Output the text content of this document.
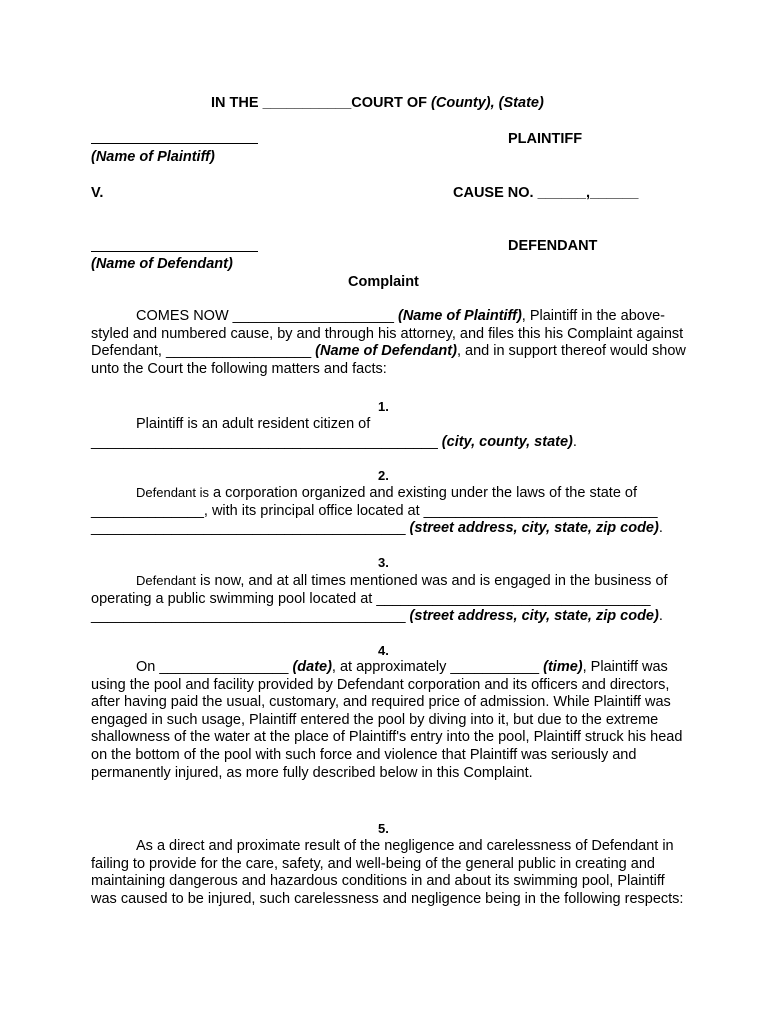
IN THE ___________COURT OF (County), (State)
PLAINTIFF
(Name of Plaintiff)
V.	CAUSE NO. ______,______
DEFENDANT
(Name of Defendant)
Complaint
COMES NOW ____________________ (Name of Plaintiff), Plaintiff in the above-styled and numbered cause, by and through his attorney, and files this his Complaint against Defendant, __________________ (Name of Defendant), and in support thereof would show unto the Court the following matters and facts:
1.
Plaintiff is an adult resident citizen of
___________________________________________ (city, county, state).
2.
Defendant is a corporation organized and existing under the laws of the state of ______________, with its principal office located at _____________________________ _______________________________________ (street address, city, state, zip code).
3.
Defendant is now, and at all times mentioned was and is engaged in the business of operating a public swimming pool located at __________________________________ _______________________________________ (street address, city, state, zip code).
4.
On ________________ (date), at approximately ___________ (time), Plaintiff was using the pool and facility provided by Defendant corporation and its officers and directors, after having paid the usual, customary, and required price of admission. While Plaintiff was engaged in such usage, Plaintiff entered the pool by diving into it, but due to the extreme shallowness of the water at the place of Plaintiff's entry into the pool, Plaintiff struck his head on the bottom of the pool with such force and violence that Plaintiff was seriously and permanently injured, as more fully described below in this Complaint.
5.
As a direct and proximate result of the negligence and carelessness of Defendant in failing to provide for the care, safety, and well-being of the general public in creating and maintaining dangerous and hazardous conditions in and about its swimming pool, Plaintiff was caused to be injured, such carelessness and negligence being in the following respects:
